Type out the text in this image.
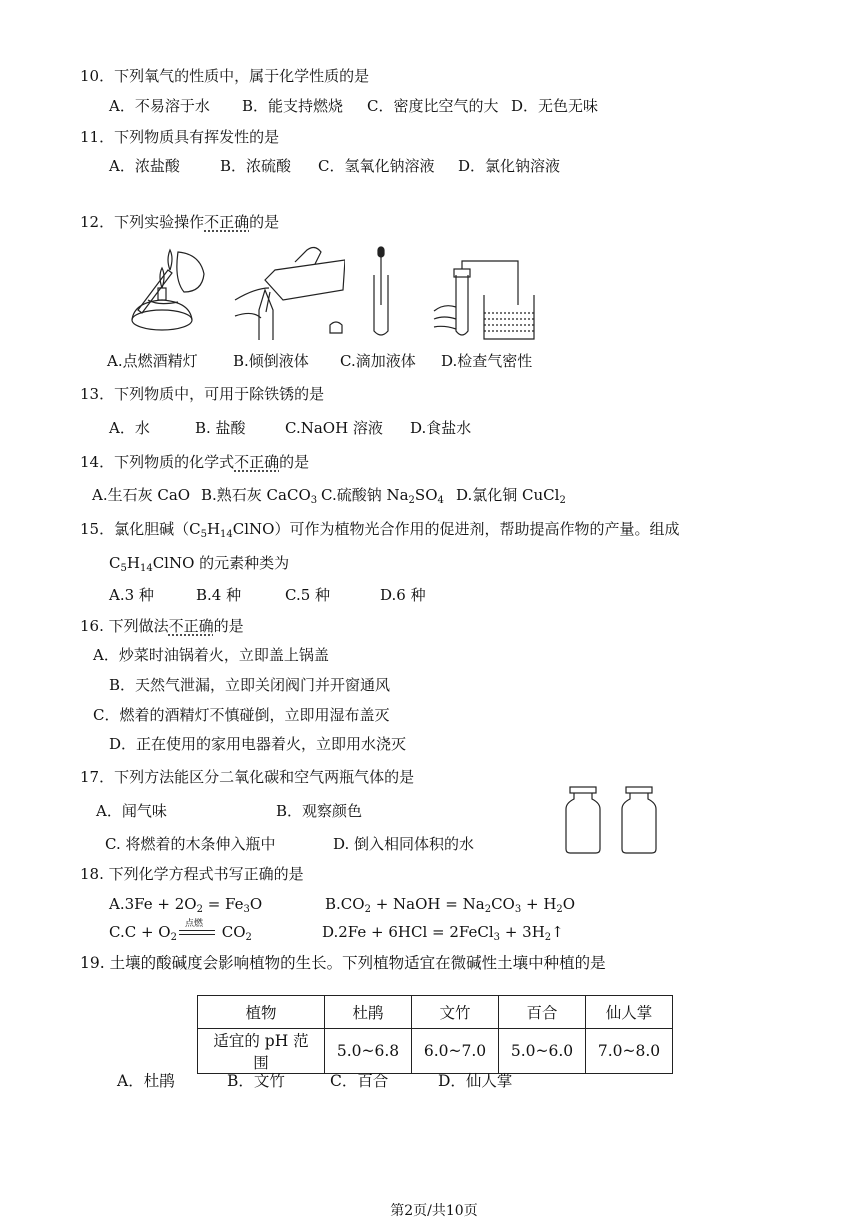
10．下列氧气的性质中，属于化学性质的是
A．不易溶于水 B．能支持燃烧 C．密度比空气的大 D．无色无味
11．下列物质具有挥发性的是
A．浓盐酸	B．浓硫酸 C．氢氧化钠溶液 D．氯化钠溶液
12．下列实验操作不正确的是
A.点燃酒精灯 B.倾倒液体 C.滴加液体 D.检查气密性
13．下列物质中，可用于除铁锈的是
A．水	B. 盐酸	C.NaOH 溶液 D.食盐水
14．下列物质的化学式不正确的是
A.生石灰 CaO B.熟石灰 CaCO$_3$ C.硫酸钠 $Na_2SO_4$ D.氯化铜 CuCl$_2$
15．氯化胆碱$(C_5H_{14}ClNO)$可作为植物光合作用的促进剂，帮助提高作物的产量。组成
$C_5H_{14}ClNO$ 的元素种类为
A.3 种	B.4 种	C.5 种	D.6 种
16. 下列做法不正确的是
A．炒菜时油锅着火，立即盖上锅盖
B．天然气泄漏，立即关闭阀门并开窗通风
C．燃着的酒精灯不慎碰倒，立即用湿布盖灭
D．正在使用的家用电器着火，立即用水浇灭
17．下列方法能区分二氧化碳和空气两瓶气体的是
A．闻气味	B．观察颜色
C. 将燃着的木条伸入瓶中	D. 倒入相同体积的水
18. 下列化学方程式书写正确的是
$A.3Fe + 2O_2 = Fe_3O$	$B.CO_2$ + NaOH = $Na_2CO_3 + H_2O$
$C.C + O_2$
点燃 $CO_2$	D.2Fe + 6HCl = 2FeCl$_3$ + $3H_2↑$
19. 土壤的酸碱度会影响植物的生长。下列植物适宜在微碱性土壤中种植的是
植物	杜鹃	文竹	百合	仙人掌
适宜的 pH 范围	5.0~6.8	6.0~7.0	5.0~6.0	7.0~8.0
A．杜鹃	B．文竹	C．百合	D．仙人掌
第2页/共10页
